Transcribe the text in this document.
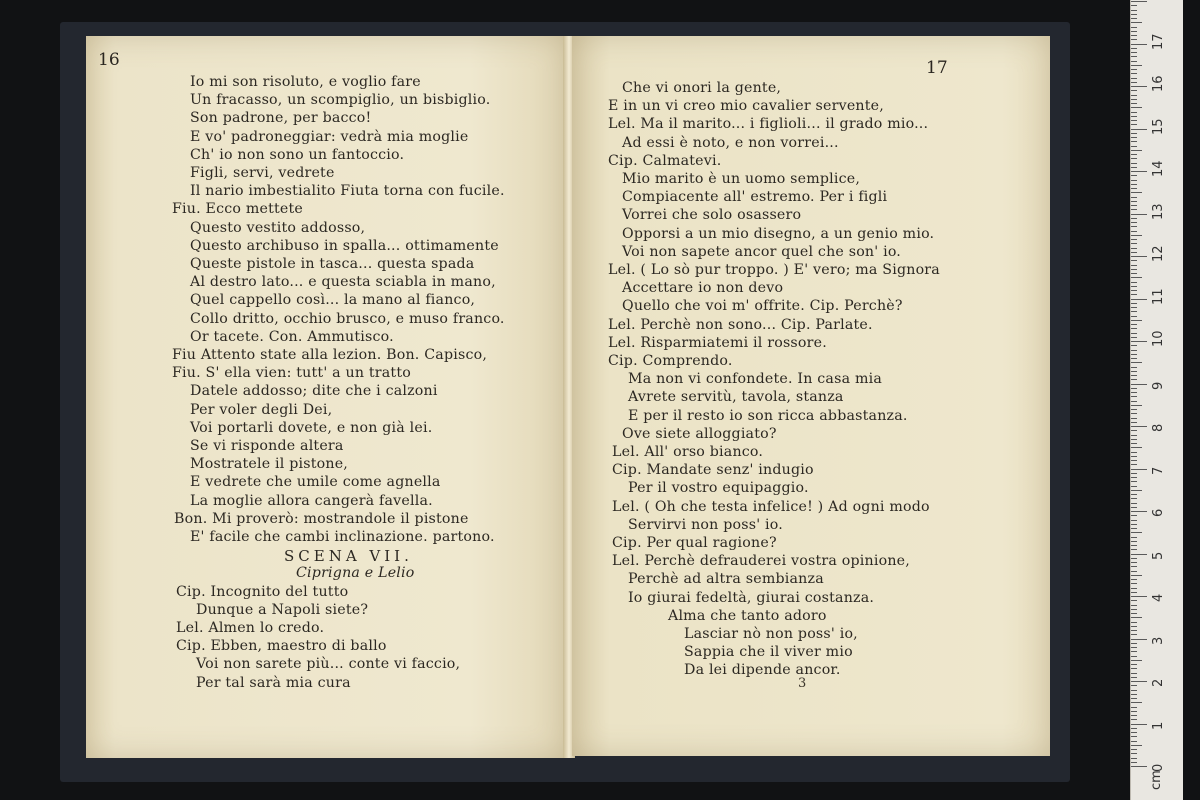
16
Io mi son risoluto, e voglio fare
Un fracasso, un scompiglio, un bisbiglio.
Son padrone, per bacco!
E vo' padroneggiar: vedrà mia moglie
Ch' io non sono un fantoccio.
Figli, servi, vedrete
Il nario imbestialito Fiuta torna con fucile.
Fiu. Ecco mettete
Questo vestito addosso,
Questo archibuso in spalla... ottimamente
Queste pistole in tasca... questa spada
Al destro lato... e questa sciabla in mano,
Quel cappello così... la mano al fianco,
Collo dritto, occhio brusco, e muso franco.
Or tacete. Con. Ammutisco.
Fiu Attento state alla lezion. Bon. Capisco,
Fiu. S' ella vien: tutt' a un tratto
Datele addosso; dite che i calzoni
Per voler degli Dei,
Voi portarli dovete, e non già lei.
Se vi risponde altera
Mostratele il pistone,
E vedrete che umile come agnella
La moglie allora cangerà favella.
Bon. Mi proverò: mostrandole il pistone
E' facile che cambi inclinazione. partono.
SCENA VII.
Ciprigna e Lelio
Cip. Incognito del tutto
Dunque a Napoli siete?
Lel. Almen lo credo.
Cip. Ebben, maestro di ballo
Voi non sarete più... conte vi faccio,
Per tal sarà mia cura
17
Che vi onori la gente,
E in un vi creo mio cavalier servente,
Lel. Ma il marito... i figlioli... il grado mio...
Ad essi è noto, e non vorrei...
Cip. Calmatevi.
Mio marito è un uomo semplice,
Compiacente all' estremo. Per i figli
Vorrei che solo osassero
Opporsi a un mio disegno, a un genio mio.
Voi non sapete ancor quel che son' io.
Lel. ( Lo sò pur troppo. ) E' vero; ma Signora
Accettare io non devo
Quello che voi m' offrite. Cip. Perchè?
Lel. Perchè non sono... Cip. Parlate.
Lel. Risparmiatemi il rossore.
Cip. Comprendo.
Ma non vi confondete. In casa mia
Avrete servitù, tavola, stanza
E per il resto io son ricca abbastanza.
Ove siete alloggiato?
Lel. All' orso bianco.
Cip. Mandate senz' indugio
Per il vostro equipaggio.
Lel. ( Oh che testa infelice! ) Ad ogni modo
Servirvi non poss' io.
Cip. Per qual ragione?
Lel. Perchè defrauderei vostra opinione,
Perchè ad altra sembianza
Io giurai fedeltà, giurai costanza.
Alma che tanto adoro
Lasciar nò non poss' io,
Sappia che il viver mio
Da lei dipende ancor.
3
cm
0
1
2
3
4
5
6
7
8
9
10
11
12
13
14
15
16
17
